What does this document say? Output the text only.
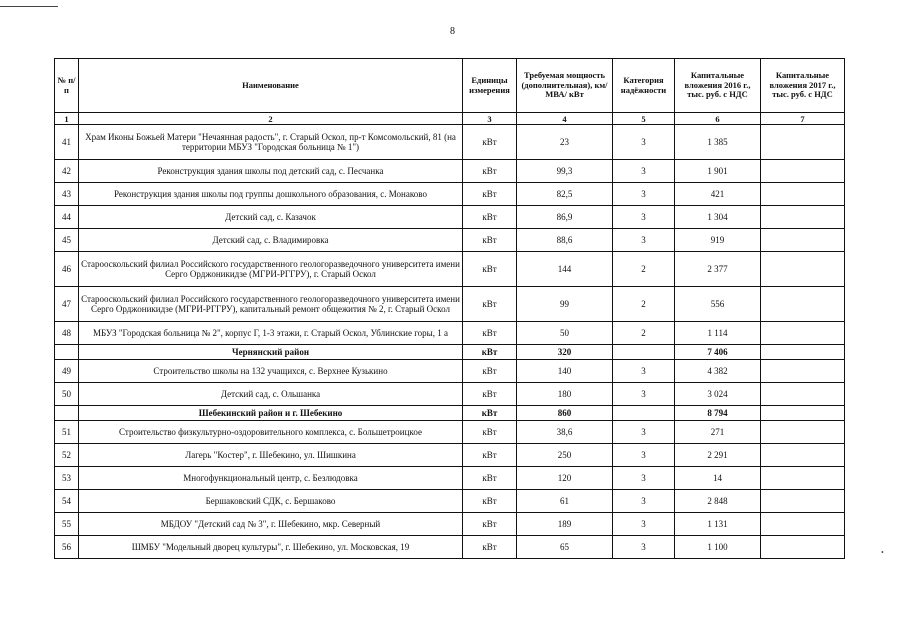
8
№ п/п	Наименование	Единицы измерения	Требуемая мощность (дополнительная), км/ МВА/ кВт	Категория надёжности	Капитальные вложения 2016 г., тыс. руб. с НДС	Капитальные вложения 2017 г., тыс. руб. с НДС
1	2	3	4	5	6	7
41	Храм Иконы Божьей Матери "Нечаянная радость", г. Старый Оскол, пр-т Комсомольский, 81 (на территории МБУЗ "Городская больница № 1")	кВт	23	3	1 385	
42	Реконструкция здания школы под детский сад, с. Песчанка	кВт	99,3	3	1 901	
43	Реконструкция здания школы под группы дошкольного образования, с. Монаково	кВт	82,5	3	421	
44	Детский сад, с. Казачок	кВт	86,9	3	1 304	
45	Детский сад, с. Владимировка	кВт	88,6	3	919	
46	Старооскольский филиал Российского государственного геологоразведочного университета имени Серго Орджоникидзе (МГРИ-РГГРУ), г. Старый Оскол	кВт	144	2	2 377	
47	Старооскольский филиал Российского государственного геологоразведочного университета имени Серго Орджоникидзе (МГРИ-РГГРУ), капитальный ремонт общежития № 2, г. Старый Оскол	кВт	99	2	556	
48	МБУЗ "Городская больница № 2", корпус Г, 1-3 этажи, г. Старый Оскол, Ублинские горы, 1 а	кВт	50	2	1 114	
	Чернянский район	кВт	320		7 406	
49	Строительство школы на 132 учащихся, с. Верхнее Кузькино	кВт	140	3	4 382	
50	Детский сад, с. Ольшанка	кВт	180	3	3 024	
	Шебекинский район и г. Шебекино	кВт	860		8 794	
51	Строительство физкультурно-оздоровительного комплекса, с. Большетроицкое	кВт	38,6	3	271	
52	Лагерь "Костер", г. Шебекино, ул. Шишкина	кВт	250	3	2 291	
53	Многофункциональный центр, с. Безлюдовка	кВт	120	3	14	
54	Бершаковский СДК, с. Бершаково	кВт	61	3	2 848	
55	МБДОУ "Детский сад № 3", г. Шебекино, мкр. Северный	кВт	189	3	1 131	
56	ШМБУ "Модельный дворец культуры", г. Шебекино, ул. Московская, 19	кВт	65	3	1 100	
•
